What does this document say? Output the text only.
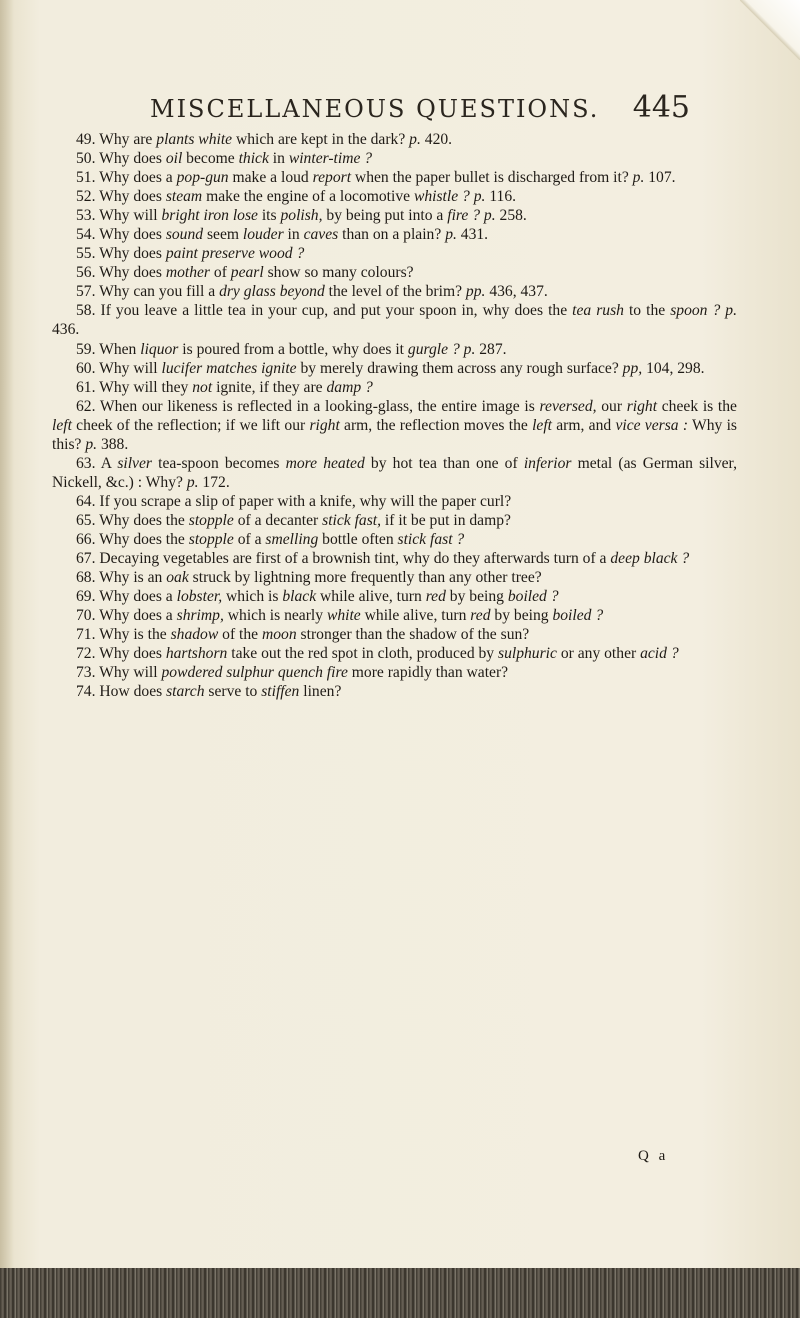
MISCELLANEOUS QUESTIONS. 445

49. Why are plants white which are kept in the dark? p. 420.

50. Why does oil become thick in winter-time ?

51. Why does a pop-gun make a loud report when the paper bullet is discharged from it? p. 107.

52. Why does steam make the engine of a locomotive whistle ? p. 116.

53. Why will bright iron lose its polish, by being put into a fire ? p. 258.

54. Why does sound seem louder in caves than on a plain? p. 431.

55. Why does paint preserve wood ?

56. Why does mother of pearl show so many colours?

57. Why can you fill a dry glass beyond the level of the brim? pp. 436, 437.

58. If you leave a little tea in your cup, and put your spoon in, why does the tea rush to the spoon ? p. 436.

59. When liquor is poured from a bottle, why does it gurgle ? p. 287.

60. Why will lucifer matches ignite by merely drawing them across any rough surface? pp, 104, 298.

61. Why will they not ignite, if they are damp ?

62. When our likeness is reflected in a looking-glass, the entire image is reversed, our right cheek is the left cheek of the reflection; if we lift our right arm, the reflection moves the left arm, and vice versa : Why is this? p. 388.

63. A silver tea-spoon becomes more heated by hot tea than one of inferior metal (as German silver, Nickell, &c.) : Why? p. 172.

64. If you scrape a slip of paper with a knife, why will the paper curl?

65. Why does the stopple of a decanter stick fast, if it be put in damp?

66. Why does the stopple of a smelling bottle often stick fast ?

67. Decaying vegetables are first of a brownish tint, why do they afterwards turn of a deep black ?

68. Why is an oak struck by lightning more frequently than any other tree?

69. Why does a lobster, which is black while alive, turn red by being boiled ?

70. Why does a shrimp, which is nearly white while alive, turn red by being boiled ?

71. Why is the shadow of the moon stronger than the shadow of the sun?

72. Why does hartshorn take out the red spot in cloth, produced by sulphuric or any other acid ?

73. Why will powdered sulphur quench fire more rapidly than water?

74. How does starch serve to stiffen linen?

Q a
